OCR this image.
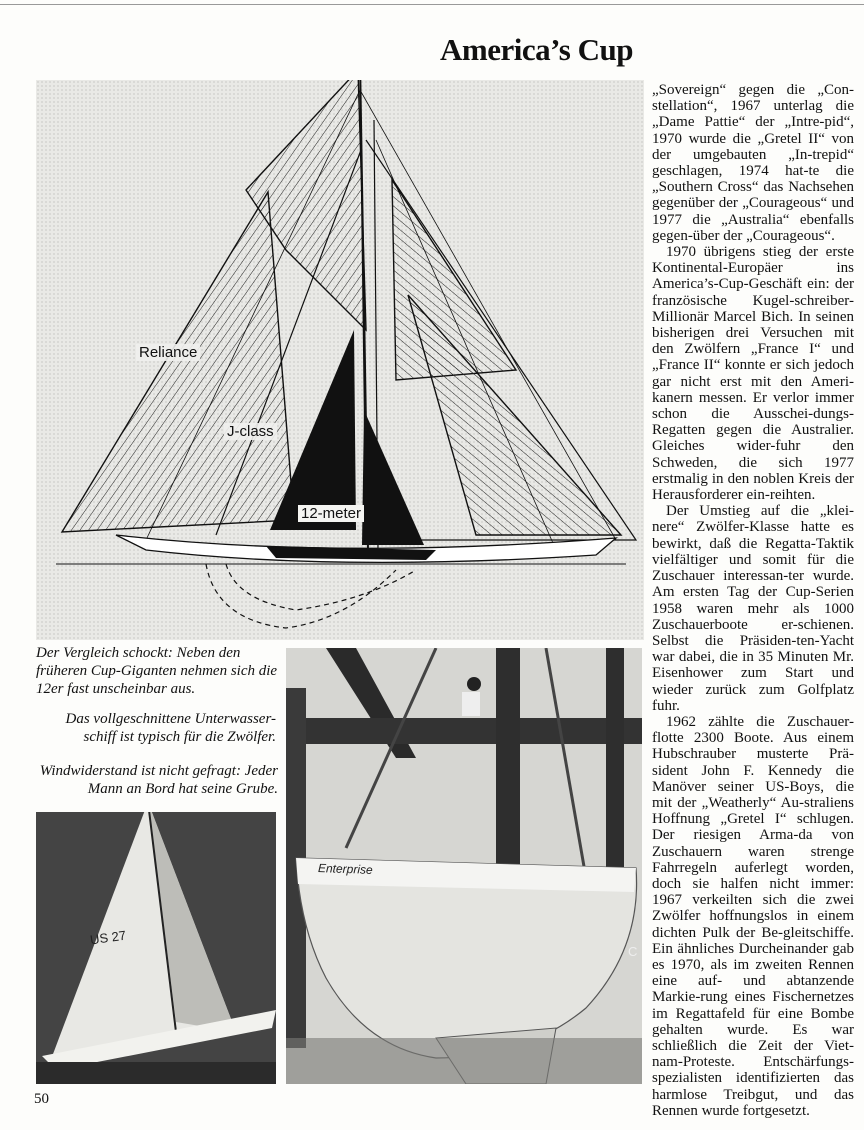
America’s Cup
Reliance
J-class
12-meter
Der Vergleich schockt: Neben den früheren Cup-Giganten nehmen sich die 12er fast unscheinbar aus.
Das vollgeschnittene Unterwasser-schiff ist typisch für die Zwölfer.
Windwiderstand ist nicht gefragt: Jeder Mann an Bord hat seine Grube.
US 27
Enterprise
C

„Sovereign“ gegen die „Con-stellation“, 1967 unterlag die „Dame Pattie“ der „Intre-pid“, 1970 wurde die „Gretel II“ von der umgebauten „In-trepid“ geschlagen, 1974 hat-te die „Southern Cross“ das Nachsehen gegenüber der „Courageous“ und 1977 die „Australia“ ebenfalls gegen-über der „Courageous“.

1970 übrigens stieg der erste Kontinental-Europäer ins America’s-Cup-Geschäft ein: der französische Kugel-schreiber-Millionär Marcel Bich. In seinen bisherigen drei Versuchen mit den Zwölfern „France I“ und „France II“ konnte er sich jedoch gar nicht erst mit den Ameri-kanern messen. Er verlor immer schon die Ausschei-dungs-Regatten gegen die Australier. Gleiches wider-fuhr den Schweden, die sich 1977 erstmalig in den noblen Kreis der Herausforderer ein-reihten.

Der Umstieg auf die „klei-nere“ Zwölfer-Klasse hatte es bewirkt, daß die Regatta-Taktik vielfältiger und somit für die Zuschauer interessan-ter wurde. Am ersten Tag der Cup-Serien 1958 waren mehr als 1000 Zuschauerboote er-schienen. Selbst die Präsiden-ten-Yacht war dabei, die in 35 Minuten Mr. Eisenhower zum Start und wieder zurück zum Golfplatz fuhr.

1962 zählte die Zuschauer-flotte 2300 Boote. Aus einem Hubschrauber musterte Prä-sident John F. Kennedy die Manöver seiner US-Boys, die mit der „Weatherly“ Au-straliens Hoffnung „Gretel I“ schlugen. Der riesigen Arma-da von Zuschauern waren strenge Fahrregeln auferlegt worden, doch sie halfen nicht immer: 1967 verkeilten sich die zwei Zwölfer hoffnungslos in einem dichten Pulk der Be-gleitschiffe. Ein ähnliches Durcheinander gab es 1970, als im zweiten Rennen eine auf- und abtanzende Markie-rung eines Fischernetzes im Regattafeld für eine Bombe gehalten wurde. Es war schließlich die Zeit der Viet-nam-Proteste. Entschärfungs-spezialisten identifizierten das harmlose Treibgut, und das Rennen wurde fortgesetzt.

50
